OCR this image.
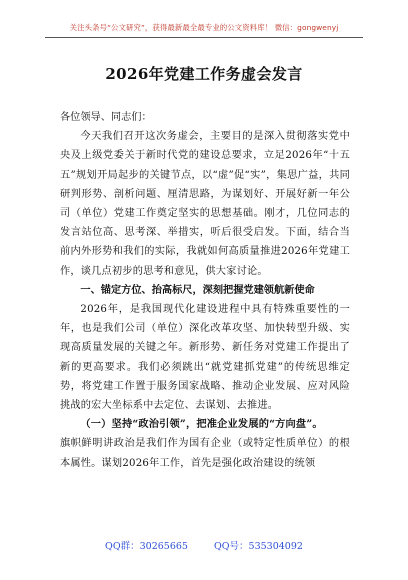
关注头条号“公文研究”，获得最新最全最专业的公文资料库！ 微信：gongwenyj
2026年党建工作务虚会发言

各位领导、同志们：

今天我们召开这次务虚会，主要目的是深入贯彻落实党中央及上级党委关于新时代党的建设总要求，立足2026年“十五五”规划开局起步的关键节点，以“虚”促“实”，集思广益，共同研判形势、剖析问题、厘清思路，为谋划好、开展好新一年公司（单位）党建工作奠定坚实的思想基础。刚才，几位同志的发言站位高、思考深、举措实，听后很受启发。下面，结合当前内外形势和我们的实际，我就如何高质量推进2026年党建工作，谈几点初步的思考和意见，供大家讨论。

一、锚定方位、抬高标尺，深刻把握党建领航新使命

2026年，是我国现代化建设进程中具有特殊重要性的一年，也是我们公司（单位）深化改革攻坚、加快转型升级、实现高质量发展的关键之年。新形势、新任务对党建工作提出了新的更高要求。我们必须跳出“就党建抓党建”的传统思维定势，将党建工作置于服务国家战略、推动企业发展、应对风险挑战的宏大坐标系中去定位、去谋划、去推进。

（一）坚持“政治引领”，把准企业发展的“方向盘”。

旗帜鲜明讲政治是我们作为国有企业（或特定性质单位）的根本属性。谋划2026年工作，首先是强化政治建设的统领

QQ群：30265665	QQ号：535304092
